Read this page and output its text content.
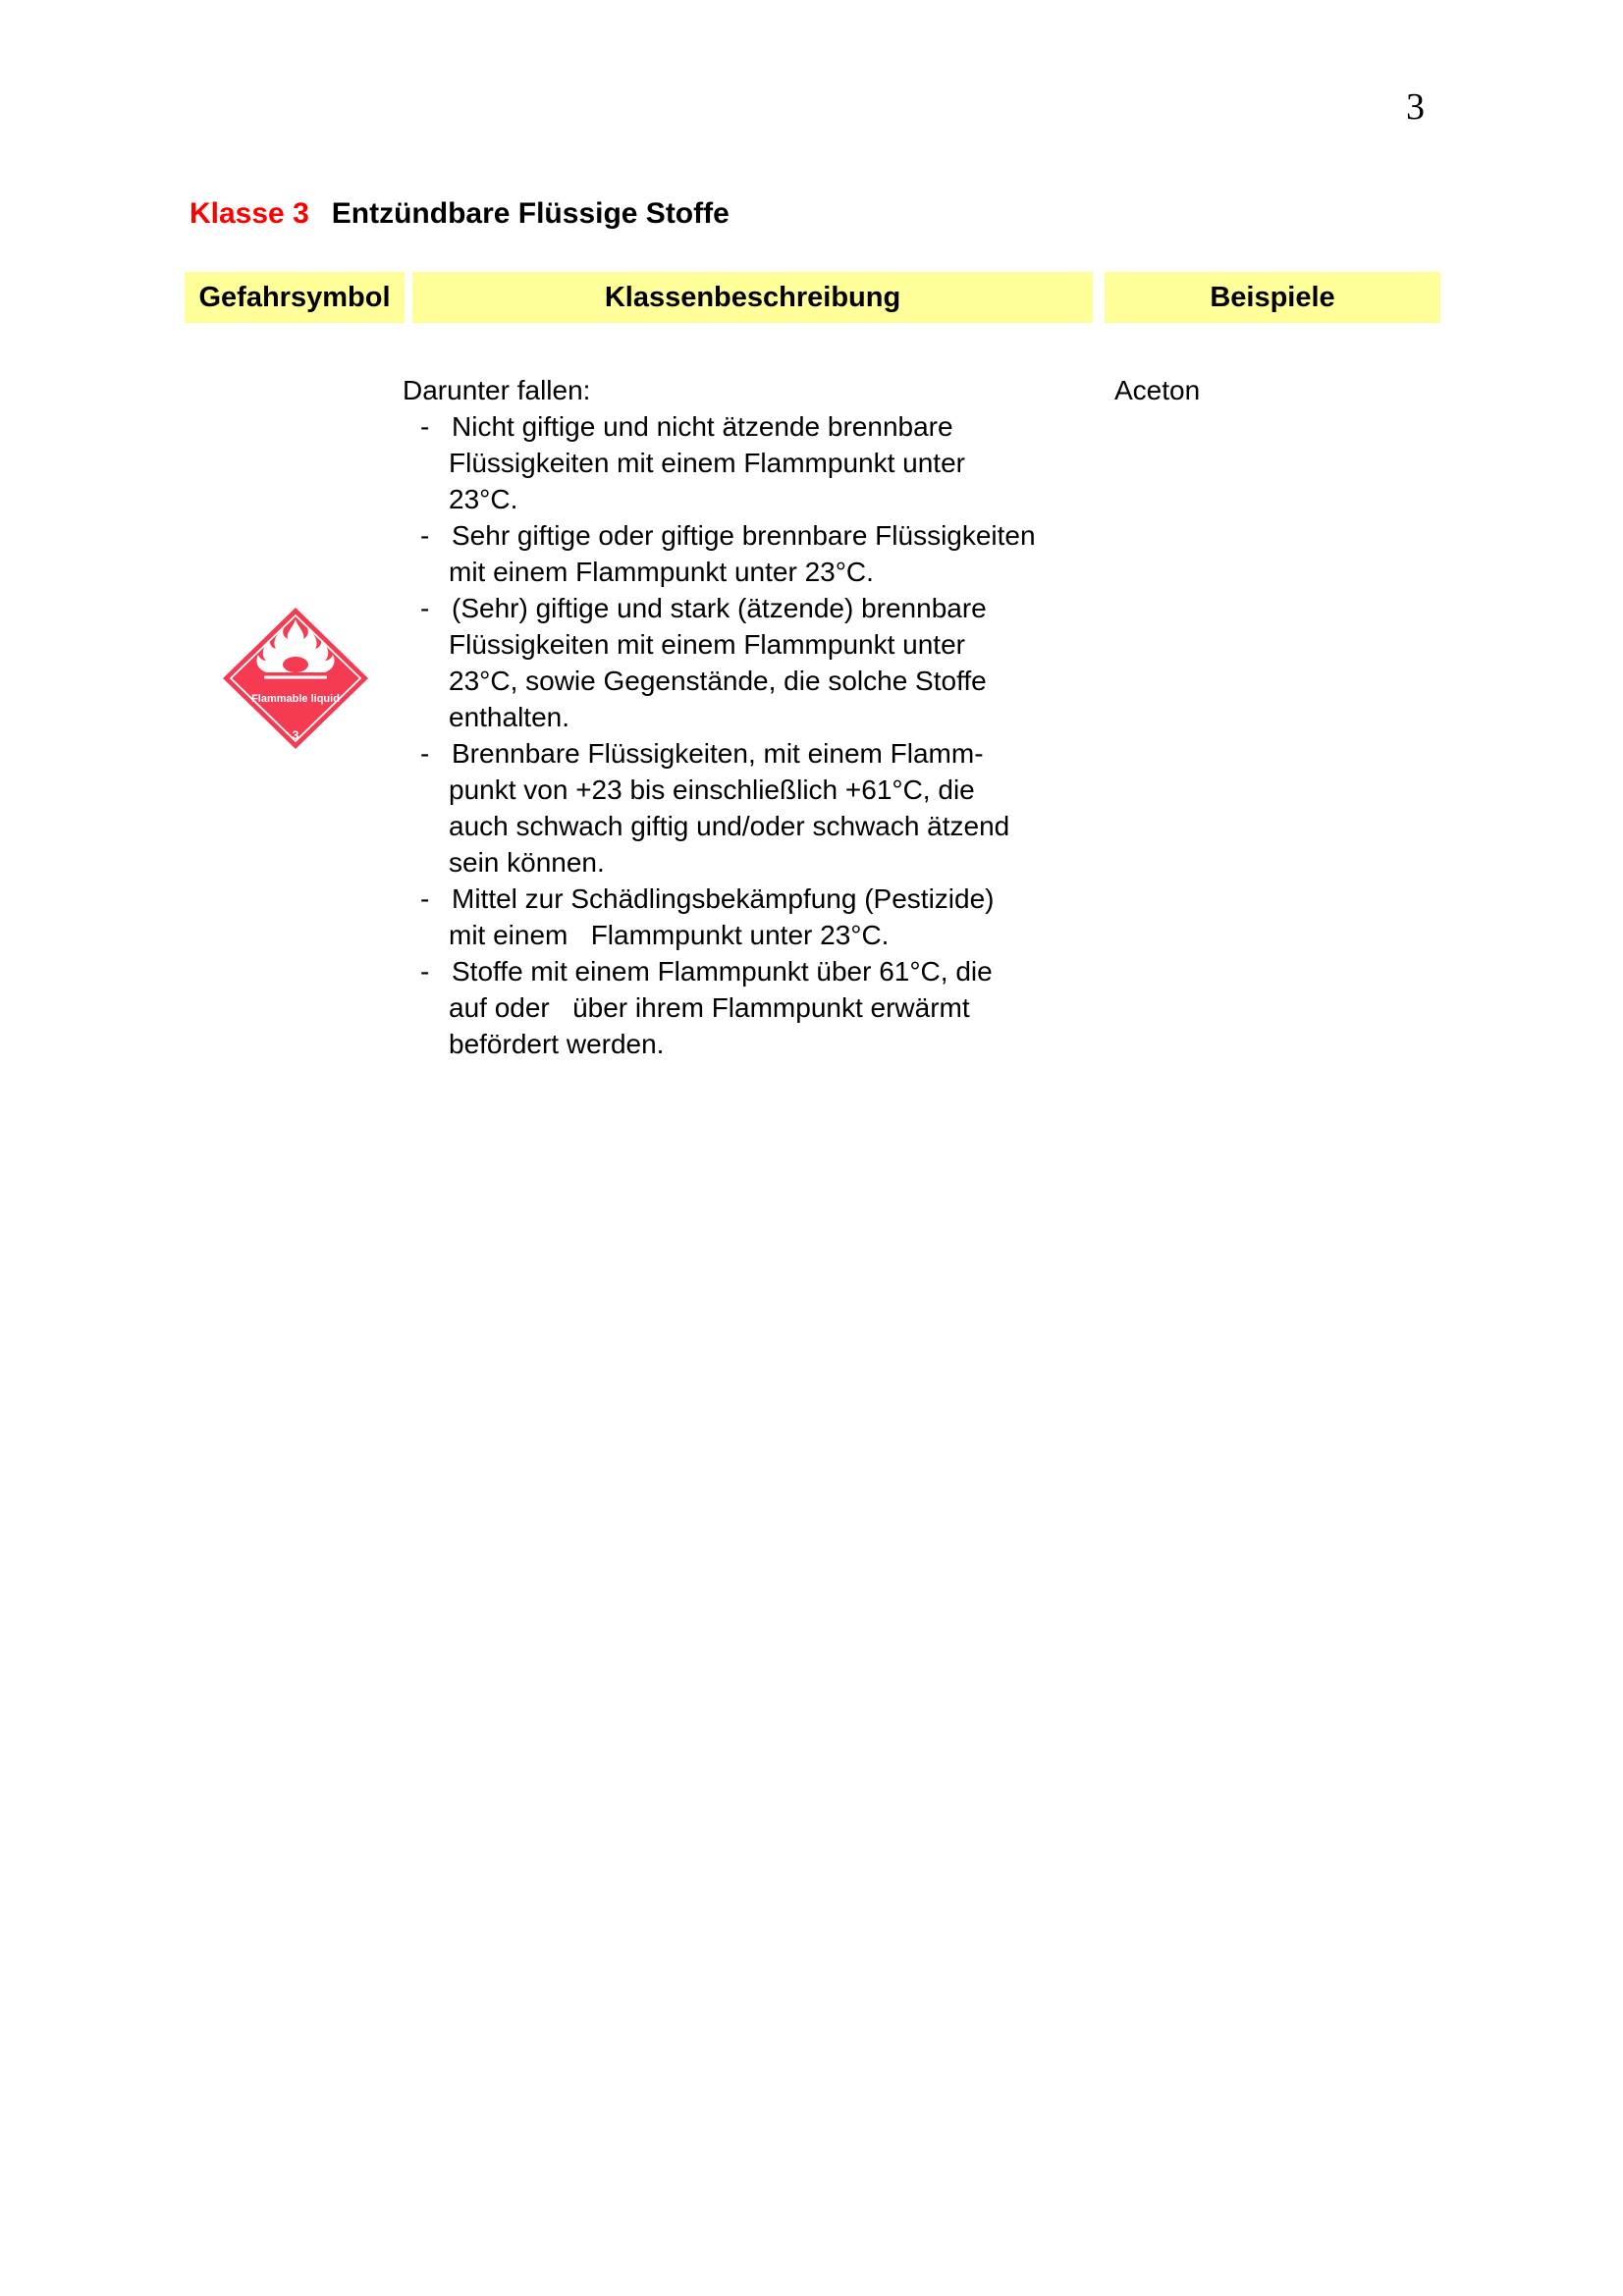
3
Klasse 3 Entzündbare Flüssige Stoffe
Gefahrsymbol	Klassenbeschreibung	Beispiele
Flammable liquid
3
Darunter fallen:
- Nicht giftige und nicht ätzende brennbare
Flüssigkeiten mit einem Flammpunkt unter
23°C.
- Sehr giftige oder giftige brennbare Flüssigkeiten
mit einem Flammpunkt unter 23°C.
- (Sehr) giftige und stark (ätzende) brennbare
Flüssigkeiten mit einem Flammpunkt unter
23°C, sowie Gegenstände, die solche Stoffe
enthalten.
- Brennbare Flüssigkeiten, mit einem Flamm-
punkt von +23 bis einschließlich +61°C, die
auch schwach giftig und/oder schwach ätzend
sein können.
- Mittel zur Schädlingsbekämpfung (Pestizide)
mit einem   Flammpunkt unter 23°C.
- Stoffe mit einem Flammpunkt über 61°C, die
auf oder   über ihrem Flammpunkt erwärmt
befördert werden.
Aceton
